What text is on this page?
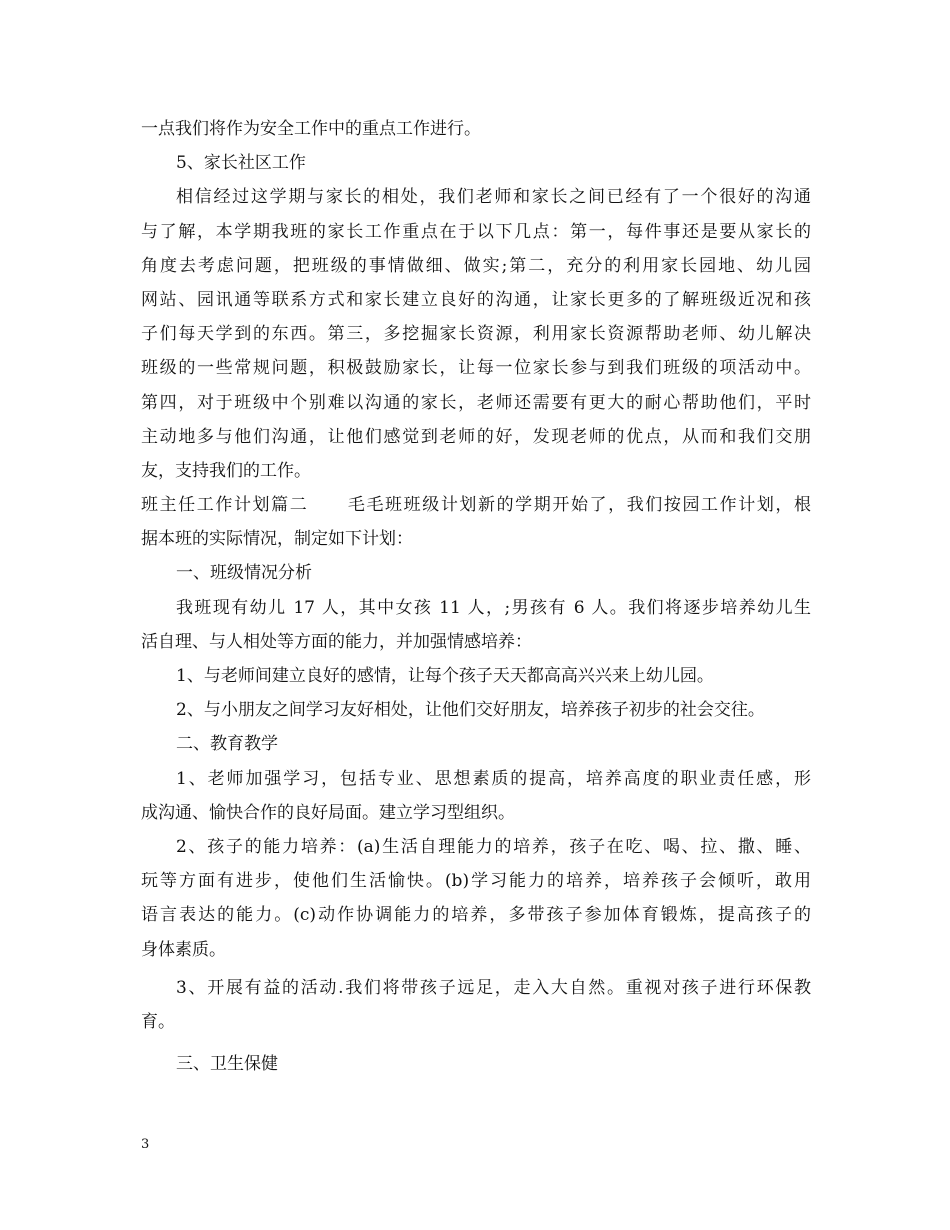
一点我们将作为安全工作中的重点工作进行。
5、家长社区工作
相信经过这学期与家长的相处，我们老师和家长之间已经有了一个很好的沟通
与了解，本学期我班的家长工作重点在于以下几点：第一，每件事还是要从家长的
角度去考虑问题，把班级的事情做细、做实;第二，充分的利用家长园地、幼儿园
网站、园讯通等联系方式和家长建立良好的沟通，让家长更多的了解班级近况和孩
子们每天学到的东西。第三，多挖掘家长资源，利用家长资源帮助老师、幼儿解决
班级的一些常规问题，积极鼓励家长，让每一位家长参与到我们班级的项活动中。
第四，对于班级中个别难以沟通的家长，老师还需要有更大的耐心帮助他们，平时
主动地多与他们沟通，让他们感觉到老师的好，发现老师的优点，从而和我们交朋
友，支持我们的工作。
班主任工作计划篇二 毛毛班班级计划新的学期开始了，我们按园工作计划，根
据本班的实际情况，制定如下计划：
一、班级情况分析
我班现有幼儿 17 人，其中女孩 11 人，;男孩有 6 人。我们将逐步培养幼儿生
活自理、与人相处等方面的能力，并加强情感培养：
1、与老师间建立良好的感情，让每个孩子天天都高高兴兴来上幼儿园。
2、与小朋友之间学习友好相处，让他们交好朋友，培养孩子初步的社会交往。
二、教育教学
1、老师加强学习，包括专业、思想素质的提高，培养高度的职业责任感，形
成沟通、愉快合作的良好局面。建立学习型组织。
2、孩子的能力培养：(a)生活自理能力的培养，孩子在吃、喝、拉、撒、睡、
玩等方面有进步，使他们生活愉快。(b)学习能力的培养，培养孩子会倾听，敢用
语言表达的能力。(c)动作协调能力的培养，多带孩子参加体育锻炼，提高孩子的
身体素质。
3、开展有益的活动.我们将带孩子远足，走入大自然。重视对孩子进行环保教
育。
三、卫生保健
3
